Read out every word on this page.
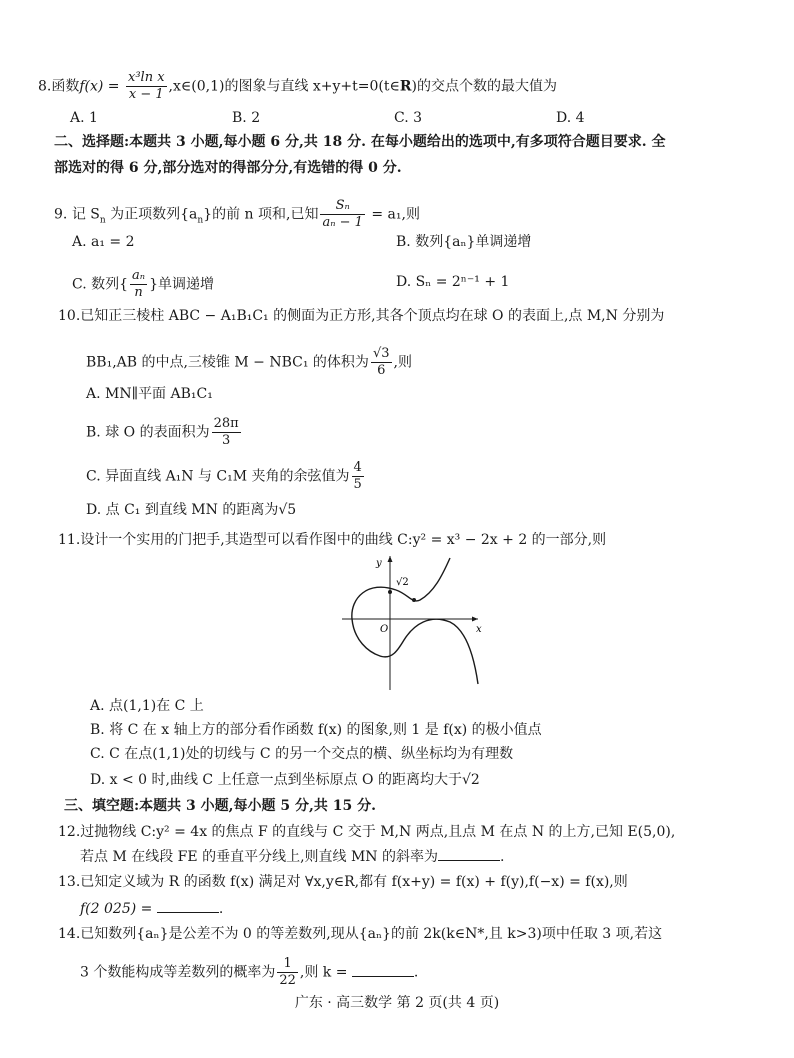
8.函数$f(x) = \frac{\text{x³ln x}}{x - 1}$ ,x∈(0,1)的图象与直线 x+y+t=0(t∈R)的交点个数的最大值为
A. 1	B. 2	C. 3	D. 4
二、选择题:本题共 3 小题,每小题 6 分,共 18 分. 在每小题给出的选项中,有多项符合题目要求. 全
部选对的得 6 分,部分选对的得部分分,有选错的得 0 分.
9. 记 $S_n$ 为正项数列$\{a_n\}$的前 n 项和,已知 $\frac{\text{Sₙ}}{\text{aₙ − 1}} = a_1$,则
A. a₁ = 2	B. 数列{aₙ}单调递增
C. 数列{ $\frac{\text{aₙ}}{n}$ }单调递增	D. Sₙ = 2ⁿ⁻¹ + 1
10.已知正三棱柱 ABC − A₁B₁C₁ 的侧面为正方形,其各个顶点均在球 O 的表面上,点 M,N 分别为
BB₁,AB 的中点,三棱锥 M − NBC₁ 的体积为 $\frac{√3}{6}$ ,则
A. MN∥平面 AB₁C₁
B. 球 O 的表面积为 $\frac{28\pi}{3}$
C. 异面直线 A₁N 与 C₁M 夹角的余弦值为 $\frac{4}{5}$
D. 点 C₁ 到直线 MN 的距离为√5
11.设计一个实用的门把手,其造型可以看作图中的曲线 C:y² = x³ − 2x + 2 的一部分,则
√2
y
x
O
A. 点(1,1)在 C 上
B. 将 C 在 x 轴上方的部分看作函数 f(x) 的图象,则 1 是 f(x) 的极小值点
C. C 在点(1,1)处的切线与 C 的另一个交点的横、纵坐标均为有理数
D. x < 0 时,曲线 C 上任意一点到坐标原点 O 的距离均大于√2
三、填空题:本题共 3 小题,每小题 5 分,共 15 分.
12.过抛物线 C:y² = 4x 的焦点 F 的直线与 C 交于 M,N 两点,且点 M 在点 N 的上方,已知 E(5,0),
若点 M 在线段 FE 的垂直平分线上,则直线 MN 的斜率为	.
13.已知定义域为 R 的函数 f(x) 满足对 ∀x,y∈R,都有 f(x+y) = f(x) + f(y),f(−x) = f(x),则
f(2 025) =	.
14.已知数列{aₙ}是公差不为 0 的等差数列,现从{aₙ}的前 2k(k∈N*,且 k>3)项中任取 3 项,若这
3 个数能构成等差数列的概率为 $\frac{1}{22}$ ,则 k =	.
广东 · 高三数学 第 2 页(共 4 页)
